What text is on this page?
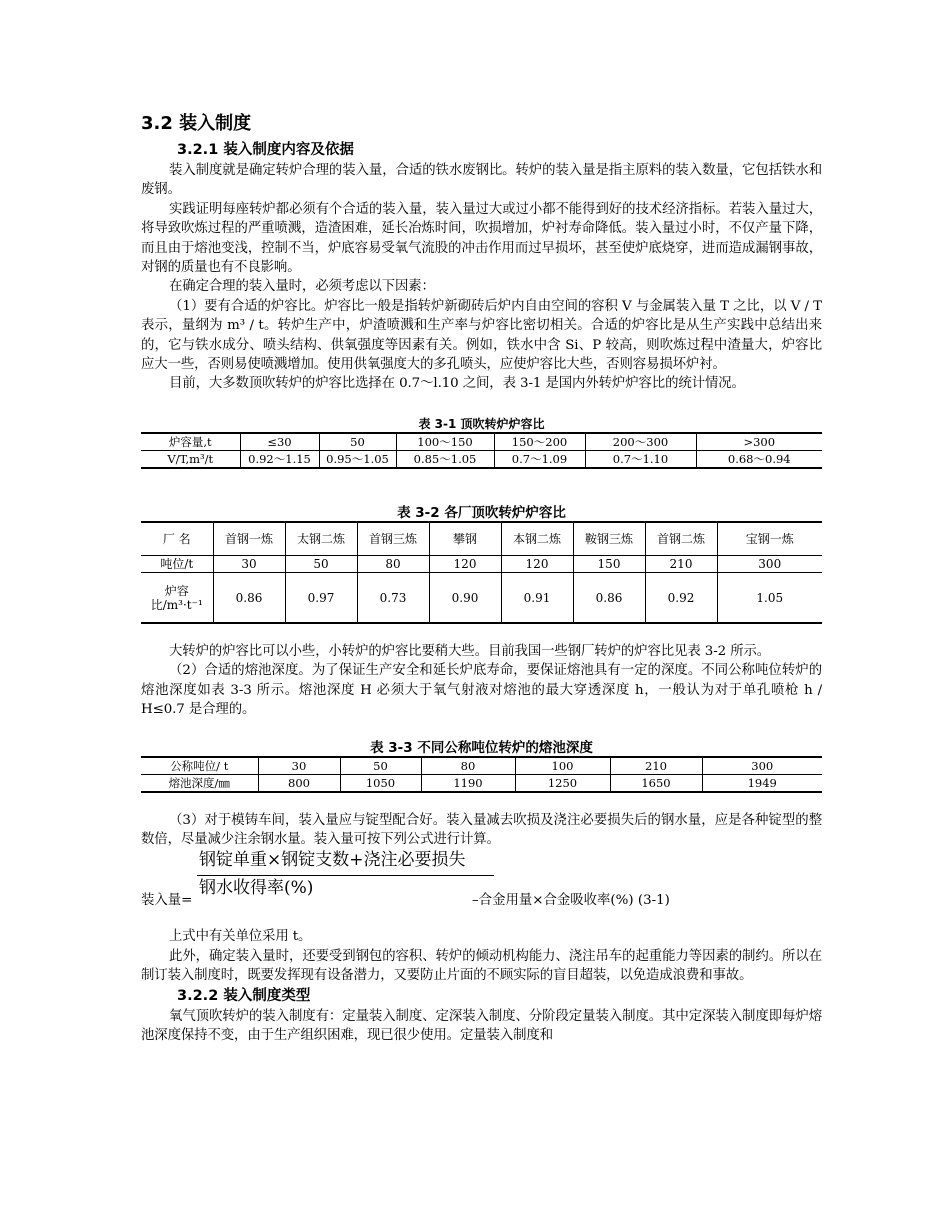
3.2 装入制度
3.2.1 装入制度内容及依据

装入制度就是确定转炉合理的装入量，合适的铁水废钢比。转炉的装入量是指主原料的装入数量，它包括铁水和废钢。

实践证明每座转炉都必须有个合适的装入量，装入量过大或过小都不能得到好的技术经济指标。若装入量过大，将导致吹炼过程的严重喷溅，造渣困难，延长冶炼时间，吹损增加，炉衬寿命降低。装入量过小时，不仅产量下降，而且由于熔池变浅，控制不当，炉底容易受氧气流股的冲击作用而过早损坏，甚至使炉底烧穿，进而造成漏钢事故，对钢的质量也有不良影响。

在确定合理的装入量时，必须考虑以下因素：

（1）要有合适的炉容比。炉容比一般是指转炉新砌砖后炉内自由空间的容积 V 与金属装入量 T 之比，以 V / T 表示，量纲为 m³ / t。转炉生产中，炉渣喷溅和生产率与炉容比密切相关。合适的炉容比是从生产实践中总结出来的，它与铁水成分、喷头结构、供氧强度等因素有关。例如，铁水中含 Si、P 较高，则吹炼过程中渣量大，炉容比应大一些，否则易使喷溅增加。使用供氧强度大的多孔喷头，应使炉容比大些，否则容易损坏炉衬。

目前，大多数顶吹转炉的炉容比选择在 0.7～l.10 之间，表 3-1 是国内外转炉炉容比的统计情况。

表 3-1 顶吹转炉炉容比
炉容量,t	≤30	50	100～150	150～200	200～300	>300
V/T,m³/t	0.92～1.15	0.95～1.05	0.85～1.05	0.7～1.09	0.7～1.10	0.68～0.94
表 3-2 各厂顶吹转炉炉容比
厂 名	首钢一炼	太钢二炼	首钢三炼	攀钢	本钢二炼	鞍钢三炼	首钢二炼	宝钢一炼
吨位/t	30	50	80	120	120	150	210	300
炉容比/m³·t⁻¹	0.86	0.97	0.73	0.90	0.91	0.86	0.92	1.05

大转炉的炉容比可以小些，小转炉的炉容比要稍大些。目前我国一些钢厂转炉的炉容比见表 3-2 所示。

（2）合适的熔池深度。为了保证生产安全和延长炉底寿命，要保证熔池具有一定的深度。不同公称吨位转炉的熔池深度如表 3-3 所示。熔池深度 H 必须大于氧气射液对熔池的最大穿透深度 h，一般认为对于单孔喷枪 h / H≤0.7 是合理的。

表 3-3 不同公称吨位转炉的熔池深度
公称吨位/ t	30	50	80	100	210	300
熔池深度/㎜	800	1050	1190	1250	1650	1949

（3）对于模铸车间，装入量应与锭型配合好。装入量减去吹损及浇注必要损失后的钢水量，应是各种锭型的整数倍，尽量减少注余钢水量。装入量可按下列公式进行计算。

钢锭单重×钢锭支数+浇注必要损失
钢水收得率(%)
装入量=	–合金用量×合金吸收率(%) (3-1)

上式中有关单位采用 t。

此外，确定装入量时，还要受到钢包的容积、转炉的倾动机构能力、浇注吊车的起重能力等因素的制约。所以在制订装入制度时，既要发挥现有设备潜力，又要防止片面的不顾实际的盲目超装，以免造成浪费和事故。

3.2.2 装入制度类型

氧气顶吹转炉的装入制度有：定量装入制度、定深装入制度、分阶段定量装入制度。其中定深装入制度即每炉熔池深度保持不变，由于生产组织困难，现已很少使用。定量装入制度和
